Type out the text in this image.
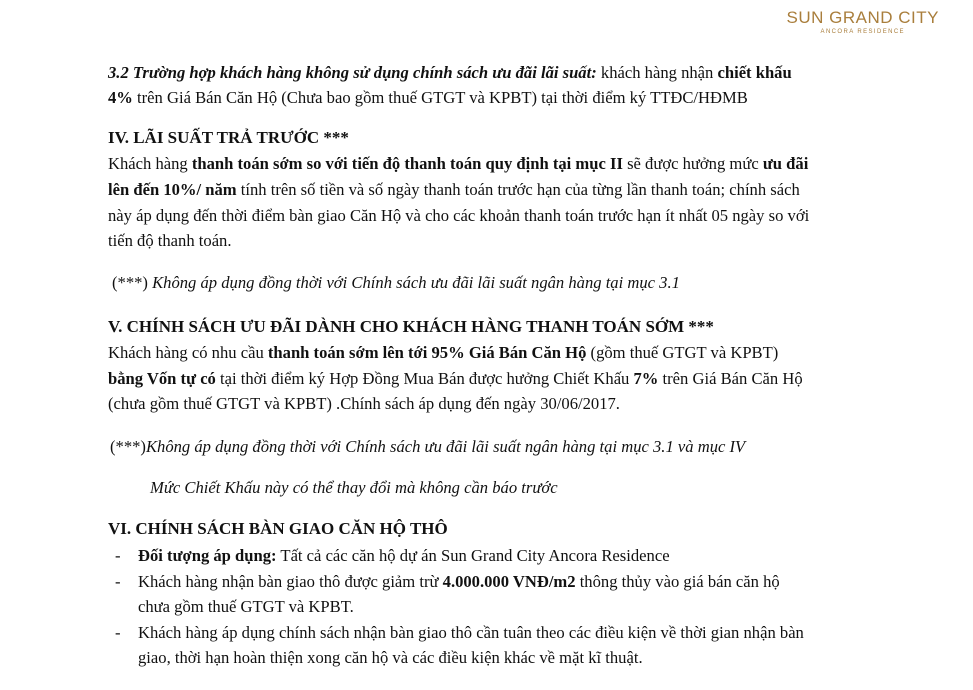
SUN GRAND CITY
ANCORA RESIDENCE
3.2 Trường hợp khách hàng không sử dụng chính sách ưu đãi lãi suất: khách hàng nhận chiết khấu
4% trên Giá Bán Căn Hộ (Chưa bao gồm thuế GTGT và KPBT) tại thời điểm ký TTĐC/HĐMB
IV. LÃI SUẤT TRẢ TRƯỚC ***
Khách hàng thanh toán sớm so với tiến độ thanh toán quy định tại mục II sẽ được hưởng mức ưu đãi
lên đến 10%/ năm tính trên số tiền và số ngày thanh toán trước hạn của từng lần thanh toán; chính sách
này áp dụng đến thời điểm bàn giao Căn Hộ và cho các khoản thanh toán trước hạn ít nhất 05 ngày so với
tiến độ thanh toán.
(***) Không áp dụng đồng thời với Chính sách ưu đãi lãi suất ngân hàng tại mục 3.1
V. CHÍNH SÁCH ƯU ĐÃI DÀNH CHO KHÁCH HÀNG THANH TOÁN SỚM ***
Khách hàng có nhu cầu thanh toán sớm lên tới 95% Giá Bán Căn Hộ (gồm thuế GTGT và KPBT)
bằng Vốn tự có tại thời điểm ký Hợp Đồng Mua Bán được hưởng Chiết Khấu 7% trên Giá Bán Căn Hộ
(chưa gồm thuế GTGT và KPBT) .Chính sách áp dụng đến ngày 30/06/2017.
(***)Không áp dụng đồng thời với Chính sách ưu đãi lãi suất ngân hàng tại mục 3.1 và mục IV
Mức Chiết Khấu này có thể thay đổi mà không cần báo trước
VI. CHÍNH SÁCH BÀN GIAO CĂN HỘ THÔ
- Đối tượng áp dụng: Tất cả các căn hộ dự án Sun Grand City Ancora Residence
- Khách hàng nhận bàn giao thô được giảm trừ 4.000.000 VNĐ/m2 thông thủy vào giá bán căn hộ
chưa gồm thuế GTGT và KPBT.
- Khách hàng áp dụng chính sách nhận bàn giao thô cần tuân theo các điều kiện về thời gian nhận bàn
giao, thời hạn hoàn thiện xong căn hộ và các điều kiện khác về mặt kĩ thuật.
